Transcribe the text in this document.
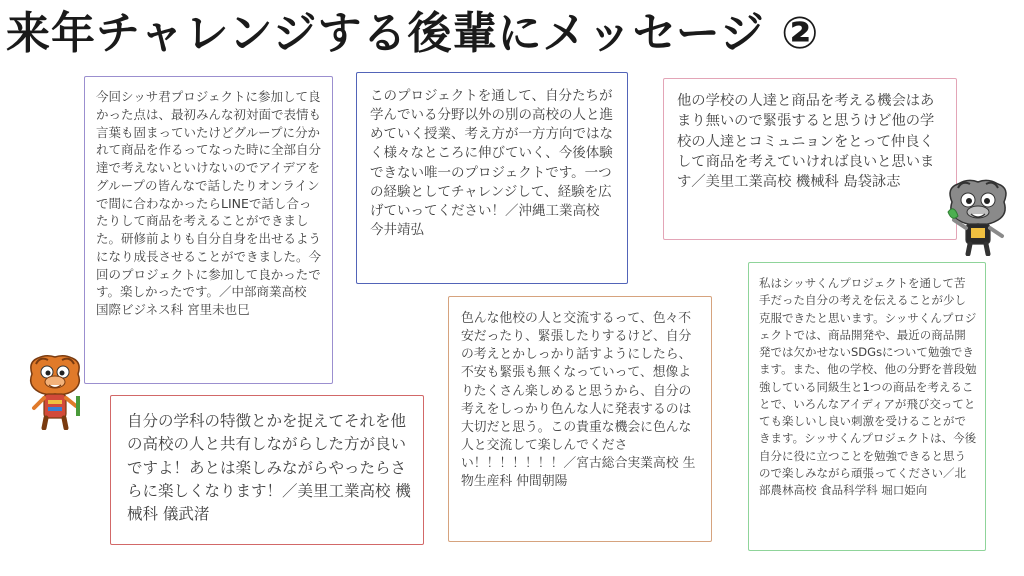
来年チャレンジする後輩にメッセージ ②
今回シッサ君プロジェクトに参加して良かった点は、最初みんな初対面で表情も言葉も固まっていたけどグループに分かれて商品を作るってなった時に全部自分達で考えないといけないのでアイデアをグループの皆んなで話したりオンラインで間に合わなかったらLINEで話し合ったりして商品を考えることができました。研修前よりも自分自身を出せるようになり成長させることができました。今回のプロジェクトに参加して良かったです。楽しかったです。／中部商業高校 国際ビジネス科 宮里未也巳
このプロジェクトを通して、自分たちが学んでいる分野以外の別の高校の人と進めていく授業、考え方が一方方向ではなく様々なところに伸びていく、今後体験できない唯一のプロジェクトです。一つの経験としてチャレンジして、経験を広げていってください！／沖縄工業高校 今井靖弘
他の学校の人達と商品を考える機会はあまり無いので緊張すると思うけど他の学校の人達とコミュニョンをとって仲良くして商品を考えていければ良いと思います／美里工業高校 機械科 島袋詠志
私はシッサくんプロジェクトを通して苦手だった自分の考えを伝えることが少し克服できたと思います。シッサくんプロジェクトでは、商品開発や、最近の商品開発では欠かせないSDGsについて勉強できます。また、他の学校、他の分野を普段勉強している同級生と1つの商品を考えることで、いろんなアイディアが飛び交ってとても楽しいし良い刺激を受けることができます。シッサくんプロジェクトは、今後自分に役に立つことを勉強できると思うので楽しみながら頑張ってください／北部農林高校 食品科学科 堀口姫向
色んな他校の人と交流するって、色々不安だったり、緊張したりするけど、自分の考えとかしっかり話すようにしたら、不安も緊張も無くなっていって、想像よりたくさん楽しめると思うから、自分の考えをしっかり色んな人に発表するのは大切だと思う。この貴重な機会に色んな人と交流して楽しんでくださ
い！！！！！！！／宮古総合実業高校 生物生産科 仲間朝陽
自分の学科の特徴とかを捉えてそれを他の高校の人と共有しながらした方が良いですよ！あとは楽しみながらやったらさらに楽しくなります！／美里工業高校 機械科 儀武渚
